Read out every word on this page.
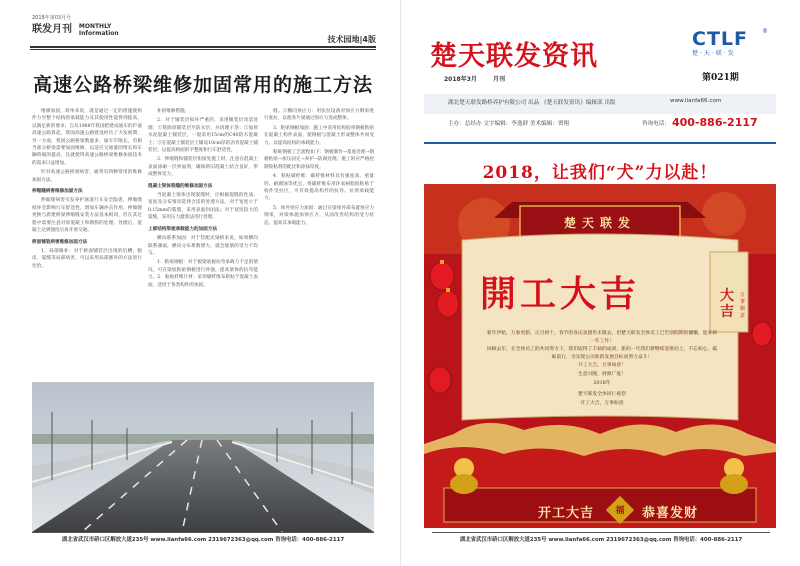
2018年第03月号
联发月刊 MONTHLY
Information
技术园地|4版
高速公路桥梁维修加固常用的施工方法

维修加固，简单来说，就是通过一定的措施使构件力至整个结构的承载能力及其使用性能得到提高，以满足新的要求。自从1988年我国把建成通车的沪嘉高速公路算起，我国高速公路建设经历了大发展期，另一方面，我国公路桥梁数量多、通车年限长，有相当部分桥梁需要加固维修，以适应交通量的增长和车辆荷载的提高，这就使得高速公路桥梁维修加固技术的需求日益增加。

针对高速公路桥梁病害，通常有四种常用的维修加固方法。

伸缩缝病害维修加固方法

伸缩缝病害引发养护通道行车安全隐患，伸缩缝损坏会影响行车舒适性，增加车辆冲击作用。伸缩缝更换与新建桥梁伸缩缝安装方法基本相同，但在其过程中需要注意对原混凝土和钢筋的处理。处理后，混凝土达到强度后再开放交通。

桥面铺装病害维修加固方法

1．局部修补：对于桥面铺装层出现的坑槽、脱皮、裂缝等局部病害，可以采用局部修补的方法进行处治。

补的维修措施。

2．对于铺装层损坏严重的，采用铺装层改造处理：①铣除原铺装层至防水层，并清理干净；②加厚水泥混凝土铺装层，一般采用15cm的C40防水混凝土；③在混凝土铺装层上铺设10cm厚的沥青混凝土铺装层，以提高桥面的平整度和行车舒适性。

3．伸缩缝和铺装层衔接处施工时，注意在混凝土表面涂刷一层界面剂，确保新旧混凝土结合良好，形成整体受力。

混凝土梁体裂缝的维修加固方法

当混凝土梁体出现裂缝时，应根据裂缝的性质、宽度及分布情况选择合适的处理方法。对于宽度小于0.15mm的裂缝，采用表面封闭法；对于宽度较大的裂缝，采用压力灌浆法进行处理。

上部结构梁板承载能力的加固方法

横向联系加固：对于装配式梁桥来说，如果横向联系薄弱，横向分布系数增大，就会使梁的受力不均匀。

1．粘贴钢板：对于板梁底板抗弯承载力不足的情况，可在梁底粘贴钢板进行补强，提高梁体的抗弯能力。2．粘贴纤维片材：采用碳纤维布粘贴于混凝土表面，适用于各类构件的加固。

缝。②横向预应力：用张拉设备对预应力钢束进行张拉，以使各片梁通过预应力连成整体。

3．粘贴钢板加固：施工中采用结构胶将钢板粘贴在混凝土构件表面，使钢板与混凝土形成整体共同受力，以提高结构的承载能力。

粘贴钢板工艺流程如下：钢板制作→基底处理→钢板粘贴→加压固定→养护→防腐处理。施工时应严格控制胶粘剂的配比和涂抹厚度。

4．粘贴碳纤维：碳纤维材料具有强度高、重量轻、耐腐蚀等优点，将碳纤维布用环氧树脂胶粘贴于构件受拉区，可有效提高构件的抗弯、抗剪承载能力。

5．体外预应力加固：通过在梁体外部布置预应力钢束，对梁体施加预应力，从而改善结构的受力状态，提高其承载能力。

湖北省武汉市硚口区解放大道235号 www.lianfa66.com 2319672363@qq.com 咨询电话：400-886-2117
楚天联发资讯
2018年3月	月刊
CTLF	®
楚·天·联·发
第021期
湖北楚天联发路桥养护有限公司 出品 《楚天联发资讯》编辑部 出版	www.lianfa66.com
主办：总经办 文字编辑：李逸群 美术编辑：贾翔	咨询电话： 400-886-2117
2018，让我们“犬”力以赴！
楚天联发
開工大吉	大吉
万事顺意

新年伊始，万象更新，正月初十，春节的喜庆氛围仍未散去，但楚天联发全体员工已告别假期的慵懒，迎来新一年工作！

回顾去年，在全体员工的共同努力下，我们取得了丰硕的成果，新的一年我们将继续迎难而上，不忘初心，砥砺前行，为实现公司新的发展目标而努力奋斗！

开工大吉，万事如意！

生意兴隆，财源广进！

2018年

楚天联发全体同仁祝您

开工大吉，万事如意

开工大吉 福 恭喜发财
湖北省武汉市硚口区解放大道235号 www.lianfa66.com 2319672363@qq.com 咨询电话：400-886-2117
